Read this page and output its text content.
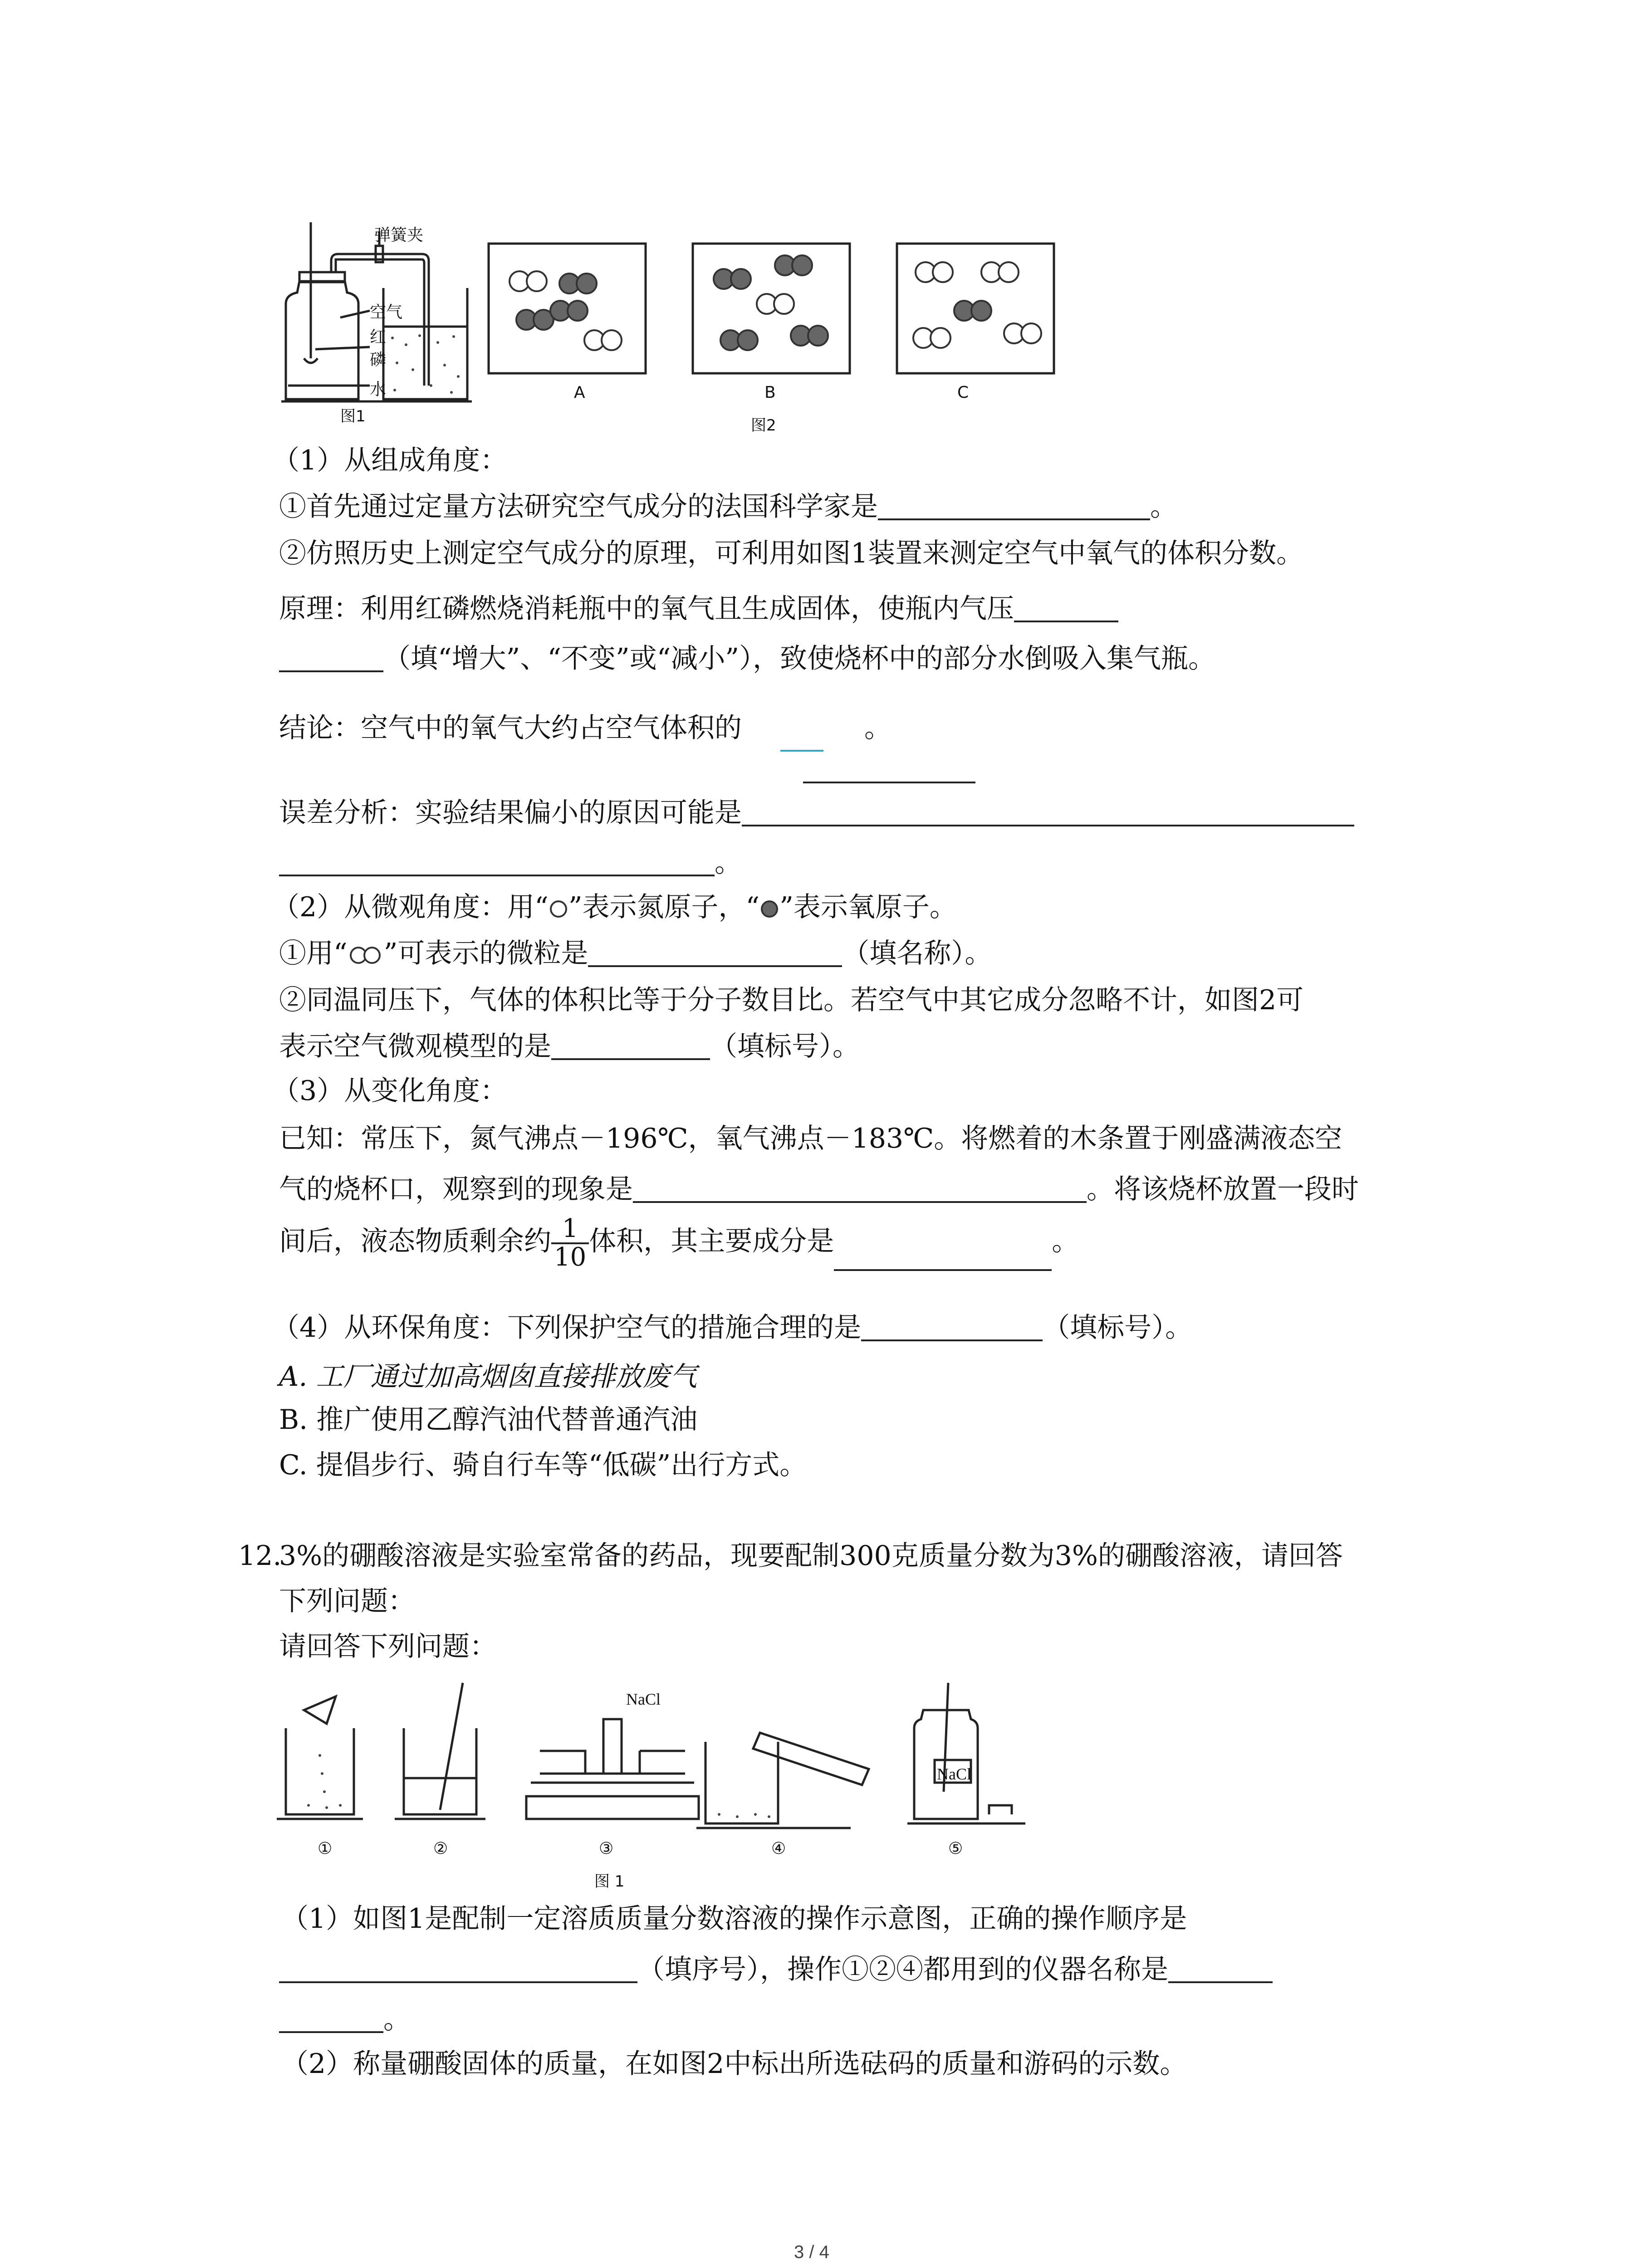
弹簧夹
空气
红
磷
水
图1
A	B	C
图2
（1）从组成角度：
①首先通过定量方法研究空气成分的法国科学家是	。
②仿照历史上测定空气成分的原理，可利用如图1装置来测定空气中氧气的体积分数。
原理：利用红磷燃烧消耗瓶中的氧气且生成固体，使瓶内气压
（填“增大”、“不变”或“减小”），致使烧杯中的部分水倒吸入集气瓶。
结论：空气中的氧气大约占空气体积的	。
误差分析：实验结果偏小的原因可能是
。
（2）从微观角度：用“ ”表示氮原子，“ ”表示氧原子。
①用“ ”可表示的微粒是	（填名称）。
②同温同压下，气体的体积比等于分子数目比。若空气中其它成分忽略不计，如图2可
表示空气微观模型的是	（填标号）。
（3）从变化角度：
已知：常压下，氮气沸点－196℃，氧气沸点－183℃。将燃着的木条置于刚盛满液态空
气的烧杯口，观察到的现象是	。将该烧杯放置一段时
间后，液态物质剩余约 $\frac{1}{10}$ 体积，其主要成分是	。
（4）从环保角度：下列保护空气的措施合理的是	（填标号）。
A. 工厂通过加高烟囱直接排放废气
B. 推广使用乙醇汽油代替普通汽油
C. 提倡步行、骑自行车等“低碳”出行方式。
12.
3%的硼酸溶液是实验室常备的药品，现要配制300克质量分数为3%的硼酸溶液，请回答
下列问题：
请回答下列问题：
NaCl
NaCl
①	②	③	④	⑤
图 1
（1）如图1是配制一定溶质质量分数溶液的操作示意图，正确的操作顺序是
（填序号），操作①②④都用到的仪器名称是
。
（2）称量硼酸固体的质量，在如图2中标出所选砝码的质量和游码的示数。
3 / 4
